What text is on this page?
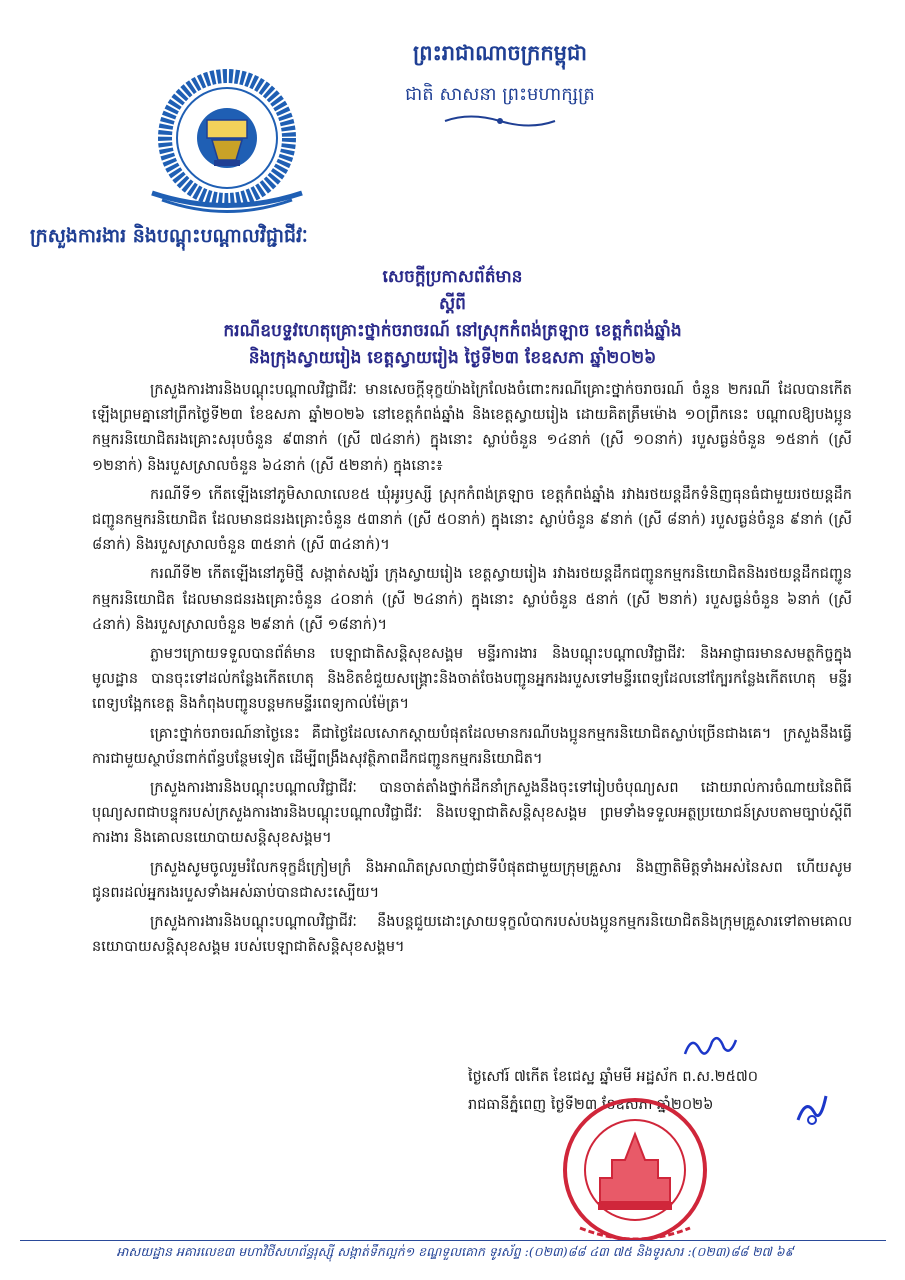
ព្រះរាជាណាចក្រកម្ពុជា
ជាតិ សាសនា ព្រះមហាក្សត្រ
ក្រសួងការងារ និងបណ្តុះបណ្តាលវិជ្ជាជីវៈ
សេចក្តីប្រកាសព័ត៌មាន
ស្តីពី
ករណីឧបទ្ទវហេតុគ្រោះថ្នាក់ចរាចរណ៍ នៅស្រុកកំពង់ត្រឡាច ខេត្តកំពង់ឆ្នាំង
និងក្រុងស្វាយរៀង ខេត្តស្វាយរៀង ថ្ងៃទី២៣ ខែឧសភា ឆ្នាំ២០២៦

ក្រសួងការងារនិងបណ្តុះបណ្តាលវិជ្ជាជីវៈ មានសេចក្តីទុក្ខយ៉ាងក្រៃលែងចំពោះករណីគ្រោះថ្នាក់ចរាចរណ៍ ចំនួន ២ករណី ដែលបានកើតឡើងព្រមគ្នានៅព្រឹកថ្ងៃទី២៣ ខែឧសភា ឆ្នាំ២០២៦ នៅខេត្តកំពង់ឆ្នាំង និងខេត្តស្វាយរៀង ដោយគិតត្រឹមម៉ោង ១០ព្រឹកនេះ បណ្តាលឱ្យបងប្អូនកម្មករនិយោជិតរងគ្រោះសរុបចំនួន ៩៣នាក់ (ស្រី ៧៤នាក់) ក្នុងនោះ ស្លាប់ចំនួន ១៤នាក់ (ស្រី ១០នាក់) របួសធ្ងន់ចំនួន ១៥នាក់ (ស្រី ១២នាក់) និងរបួសស្រាលចំនួន ៦៤នាក់ (ស្រី ៥២នាក់) ក្នុងនោះ៖

ករណីទី១ កើតឡើងនៅភូមិសាលាលេខ៥ ឃុំអូរឫស្សី ស្រុកកំពង់ត្រឡាច ខេត្តកំពង់ឆ្នាំង រវាងរថយន្តដឹកទំនិញធុនធំជាមួយរថយន្តដឹកជញ្ជូនកម្មករនិយោជិត ដែលមានជនរងគ្រោះចំនួន ៥៣នាក់ (ស្រី ៥០នាក់) ក្នុងនោះ ស្លាប់ចំនួន ៩នាក់ (ស្រី ៨នាក់) របួសធ្ងន់ចំនួន ៩នាក់ (ស្រី ៨នាក់) និងរបួសស្រាលចំនួន ៣៥នាក់ (ស្រី ៣៤នាក់)។

ករណីទី២ កើតឡើងនៅភូមិថ្មី សង្កាត់សង្ឃ័រ ក្រុងស្វាយរៀង ខេត្តស្វាយរៀង រវាងរថយន្តដឹកជញ្ជូនកម្មករនិយោជិតនិងរថយន្តដឹកជញ្ជូនកម្មករនិយោជិត ដែលមានជនរងគ្រោះចំនួន ៤០នាក់ (ស្រី ២៤នាក់) ក្នុងនោះ ស្លាប់ចំនួន ៥នាក់ (ស្រី ២នាក់) របួសធ្ងន់ចំនួន ៦នាក់ (ស្រី ៤នាក់) និងរបួសស្រាលចំនួន ២៩នាក់ (ស្រី ១៨នាក់)។

ភ្លាមៗក្រោយទទួលបានព័ត៌មាន បេឡាជាតិសន្តិសុខសង្គម មន្ទីរការងារ និងបណ្តុះបណ្តាលវិជ្ជាជីវៈ និងអាជ្ញាធរមានសមត្ថកិច្ចក្នុងមូលដ្ឋាន បានចុះទៅដល់កន្លែងកើតហេតុ និងខិតខំជួយសង្គ្រោះនិងចាត់ចែងបញ្ជូនអ្នករងរបួសទៅមន្ទីរពេទ្យដែលនៅក្បែរកន្លែងកើតហេតុ មន្ទីរពេទ្យបង្អែកខេត្ត និងកំពុងបញ្ជូនបន្តមកមន្ទីរពេទ្យកាល់ម៉ែត្រ។

គ្រោះថ្នាក់ចរាចរណ៍នាថ្ងៃនេះ គឺជាថ្ងៃដែលសោកស្តាយបំផុតដែលមានករណីបងប្អូនកម្មករនិយោជិតស្លាប់ច្រើនជាងគេ។ ក្រសួងនឹងធ្វើការជាមួយស្ថាប័នពាក់ព័ន្ធបន្ថែមទៀត ដើម្បីពង្រឹងសុវត្ថិភាពដឹកជញ្ជូនកម្មករនិយោជិត។

ក្រសួងការងារនិងបណ្តុះបណ្តាលវិជ្ជាជីវៈ បានចាត់តាំងថ្នាក់ដឹកនាំក្រសួងនឹងចុះទៅរៀបចំបុណ្យសព ដោយរាល់ការចំណាយនៃពិធីបុណ្យសពជាបន្ទុករបស់ក្រសួងការងារនិងបណ្តុះបណ្តាលវិជ្ជាជីវៈ និងបេឡាជាតិសន្តិសុខសង្គម ព្រមទាំងទទួលអត្ថប្រយោជន៍ស្របតាមច្បាប់ស្តីពីការងារ និងគោលនយោបាយសន្តិសុខសង្គម។

ក្រសួងសូមចូលរួមរំលែកទុក្ខដ៏ក្រៀមក្រំ និងអាណិតស្រលាញ់ជាទីបំផុតជាមួយក្រុមគ្រួសារ និងញាតិមិត្តទាំងអស់នៃសព ហើយសូមជូនពរដល់អ្នករងរបួសទាំងអស់ឆាប់បានជាសះស្បើយ។

ក្រសួងការងារនិងបណ្តុះបណ្តាលវិជ្ជាជីវៈ នឹងបន្តជួយដោះស្រាយទុក្ខលំបាករបស់បងប្អូនកម្មករនិយោជិតនិងក្រុមគ្រួសារទៅតាមគោលនយោបាយសន្តិសុខសង្គម របស់បេឡាជាតិសន្តិសុខសង្គម។

ថ្ងៃសៅរ៍ ៧កើត ខែជេស្ឋ ឆ្នាំមមី អដ្ឋស័ក ព.ស.២៥៧០
រាជធានីភ្នំពេញ ថ្ងៃទី២៣ ខែឧសភា ឆ្នាំ២០២៦
អាសយដ្ឋាន អគារលេខ៣ មហាវិថីសហព័ន្ធរុស្ស៊ី សង្កាត់ទឹកល្អក់១ ខណ្ឌទួលគោក ទូរស័ព្ទ :(០២៣)៨៨ ៤៣ ៧៥ និងទូរសារ :(០២៣)៨៨ ២៧ ៦៩
